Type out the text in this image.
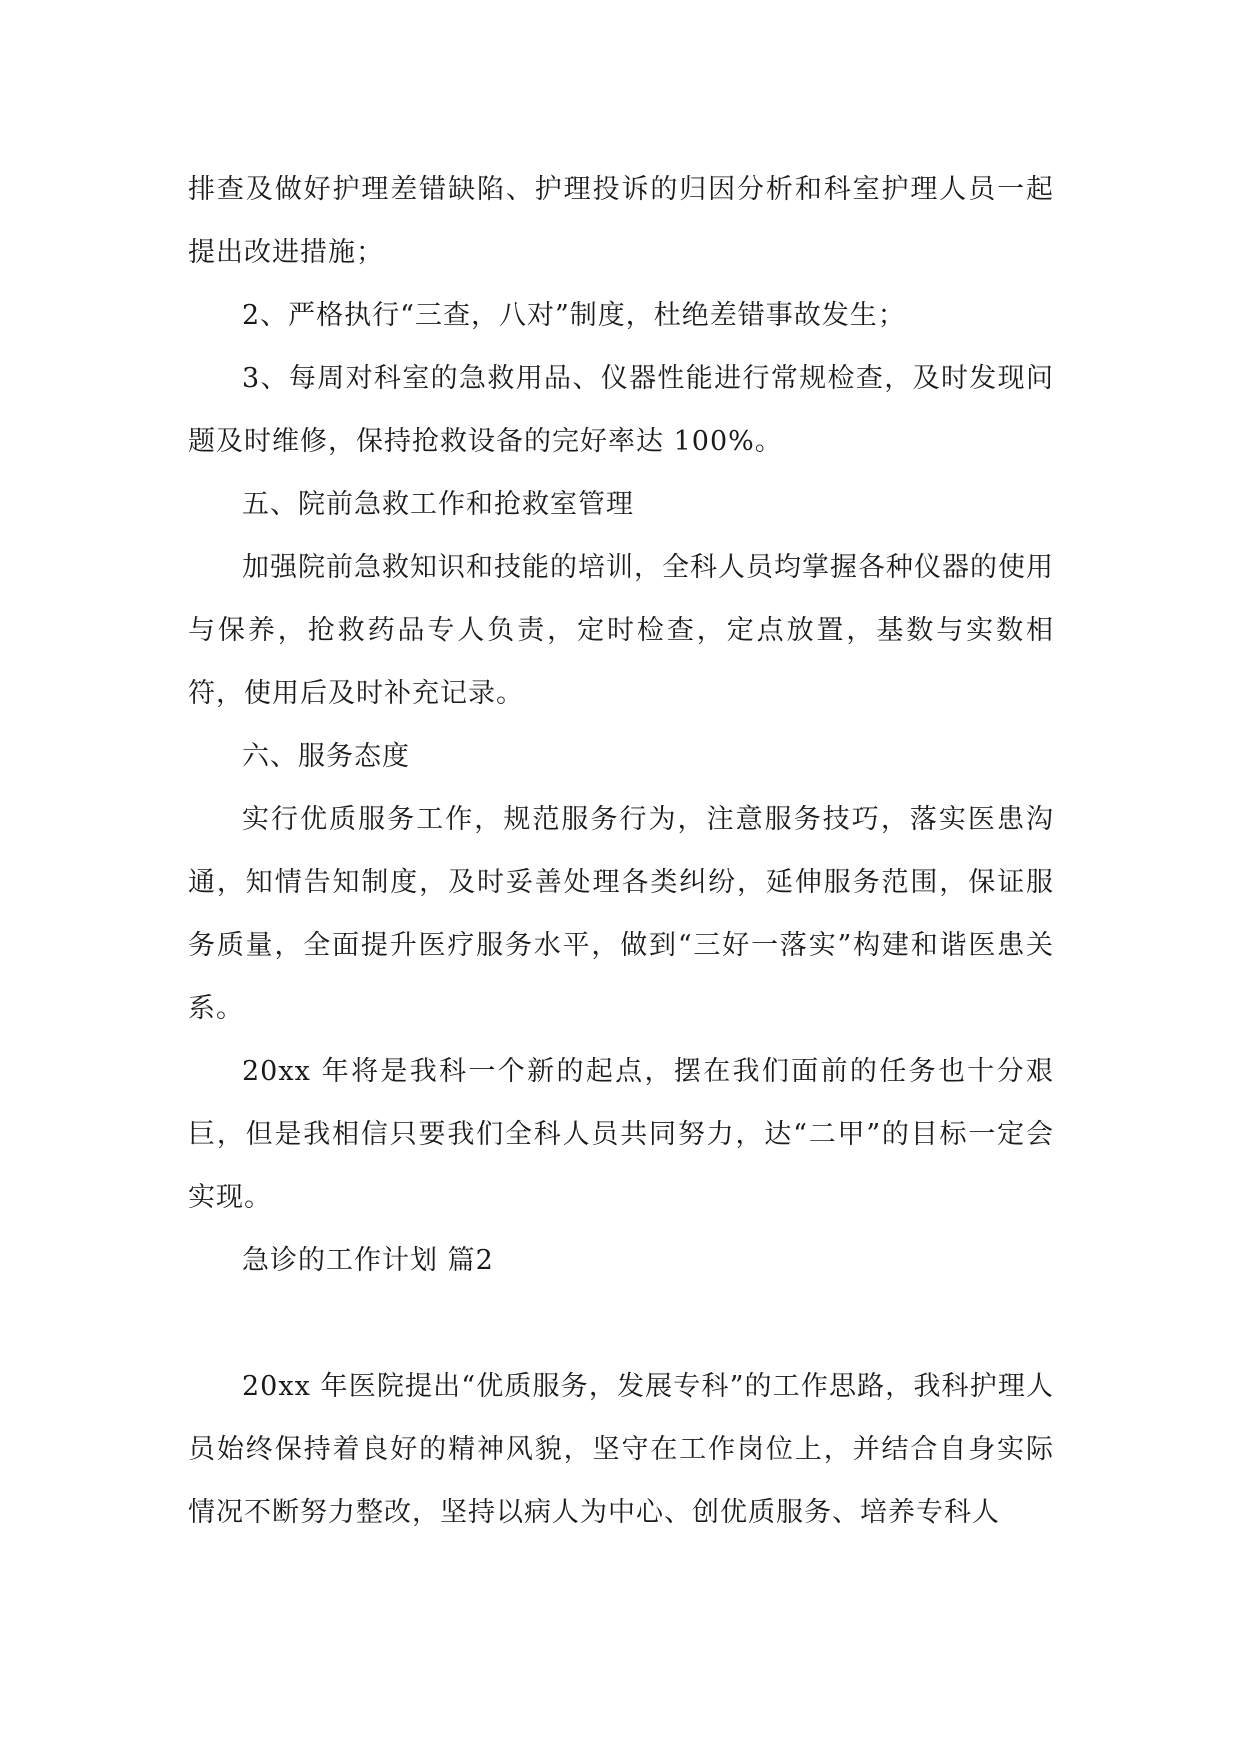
排查及做好护理差错缺陷、护理投诉的归因分析和科室护理人员一起提出改进措施；

2、严格执行“三查，八对”制度，杜绝差错事故发生；

3、每周对科室的急救用品、仪器性能进行常规检查，及时发现问题及时维修，保持抢救设备的完好率达 100%。

五、院前急救工作和抢救室管理

加强院前急救知识和技能的培训，全科人员均掌握各种仪器的使用与保养，抢救药品专人负责，定时检查，定点放置，基数与实数相符，使用后及时补充记录。

六、服务态度

实行优质服务工作，规范服务行为，注意服务技巧，落实医患沟通，知情告知制度，及时妥善处理各类纠纷，延伸服务范围，保证服务质量，全面提升医疗服务水平，做到“三好一落实”构建和谐医患关系。

20xx 年将是我科一个新的起点，摆在我们面前的任务也十分艰巨，但是我相信只要我们全科人员共同努力，达“二甲”的目标一定会实现。

急诊的工作计划 篇2

20xx 年医院提出“优质服务，发展专科”的工作思路，我科护理人员始终保持着良好的精神风貌，坚守在工作岗位上，并结合自身实际情况不断努力整改，坚持以病人为中心、创优质服务、培养专科人
